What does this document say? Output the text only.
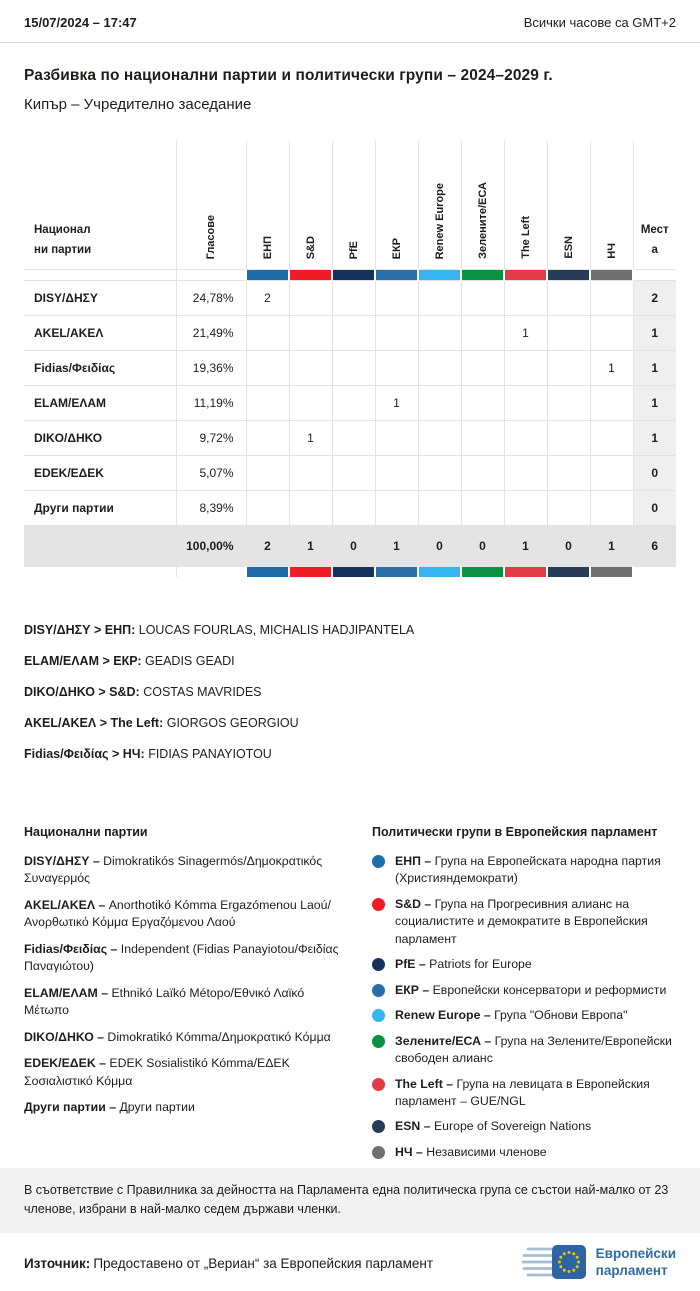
15/07/2024 – 17:47	Всички часове са GMT+2
Разбивка по национални партии и политически групи – 2024–2029 г.
Кипър – Учредително заседание
Национални партии	Гласове	ЕНП	S&D	PfE	ЕКР	Renew Europe	Зелените/ЕСА	The Left	ESN	НЧ	Места

DISY/ΔΗΣΥ	24,78%	2									2
AKEL/ΑΚΕΛ	21,49%							1			1
Fidias/Φειδίας	19,36%									1	1
ELAM/ΕΛΑΜ	11,19%				1						1
DIKO/ΔΗΚΟ	9,72%		1								1
EDEK/ΕΔΕΚ	5,07%										0
Други партии	8,39%										0
	100,00%	2	1	0	1	0	0	1	0	1	6

DISY/ΔΗΣΥ > ЕНП: LOUCAS FOURLAS, MICHALIS HADJIPANTELA
ELAM/ΕΛΑΜ > ЕКР: GEADIS GEADI
DIKO/ΔΗΚΟ > S&D: COSTAS MAVRIDES
AKEL/ΑΚΕΛ > The Left: GIORGOS GEORGIOU
Fidias/Φειδίας > НЧ: FIDIAS PANAYIOTOU
Национални партии

DISY/ΔΗΣΥ – Dimokratikós Sinagermós/Δημοκρατικός Συναγερμός

AKEL/ΑΚΕΛ – Anorthotikó Kómma Ergazómenou Laoú/ Ανορθωτικό Κόμμα Εργαζόμενου Λαού

Fidias/Φειδίας – Independent (Fidias Panayiotou/Φειδίας Παναγιώτου)

ELAM/ΕΛΑΜ – Ethnikó Laïkó Métopo/Εθνικό Λαϊκό Μέτωπο

DIKO/ΔΗΚΟ – Dimokratikó Kómma/Δημοκρατικό Κόμμα

EDEK/ΕΔΕΚ – EDEK Sosialistikó Kómma/ΕΔΕΚ Σοσιαλιστικό Κόμμα

Други партии – Други партии

Политически групи в Европейския парламент
ЕНП – Група на Европейската народна партия (Християндемократи)
S&D – Група на Прогресивния алианс на социалистите и демократите в Европейския парламент
PfE – Patriots for Europe
ЕКР – Европейски консерватори и реформисти
Renew Europe – Група "Обнови Европа"
Зелените/ЕСА – Група на Зелените/Европейски свободен алианс
The Left – Група на левицата в Европейския парламент – GUE/NGL
ESN – Europe of Sovereign Nations
НЧ – Независими членове
В съответствие с Правилника за дейността на Парламента една политическа група се състои най-малко от 23 членове, избрани в най-малко седем държави членки.
Източник: Предоставено от „Вериан“ за Европейския парламент
Европейски
парламент
